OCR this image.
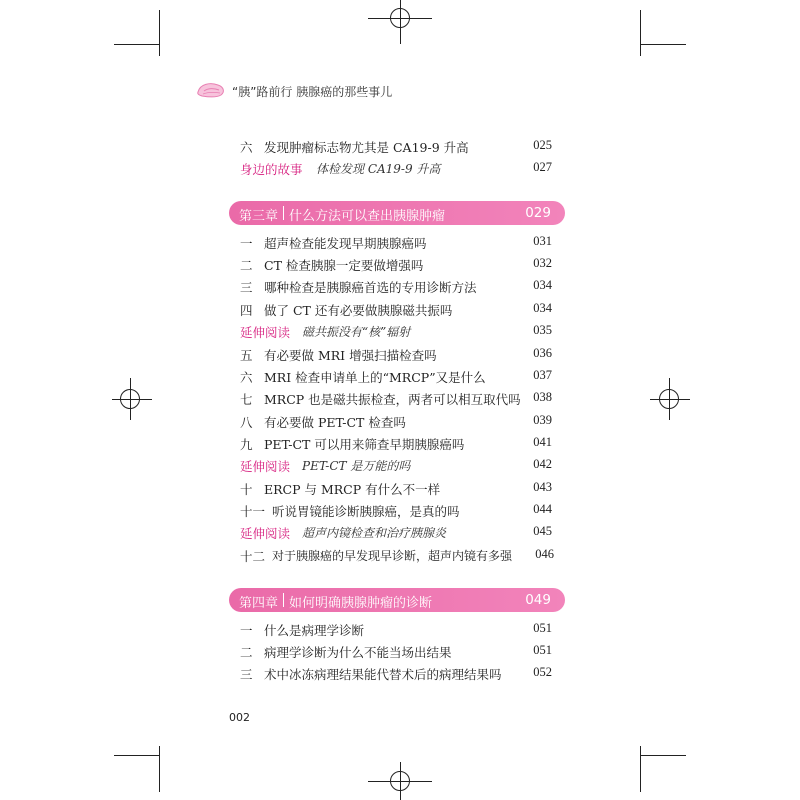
“胰”路前行 胰腺癌的那些事儿
六 发现肿瘤标志物尤其是 CA19-9 升高	025
身边的故事 体检发现 CA19-9 升高	027
第三章 什么方法可以查出胰腺肿瘤	029
一 超声检查能发现早期胰腺癌吗	031
二 CT 检查胰腺一定要做增强吗	032
三 哪种检查是胰腺癌首选的专用诊断方法	034
四 做了 CT 还有必要做胰腺磁共振吗	034
延伸阅读 磁共振没有“核”辐射	035
五 有必要做 MRI 增强扫描检查吗	036
六 MRI 检查申请单上的“MRCP”又是什么	037
七 MRCP 也是磁共振检查，两者可以相互取代吗 038
八 有必要做 PET-CT 检查吗	039
九 PET-CT 可以用来筛查早期胰腺癌吗	041
延伸阅读 PET-CT 是万能的吗	042
十 ERCP 与 MRCP 有什么不一样	043
十一 听说胃镜能诊断胰腺癌，是真的吗	044
延伸阅读 超声内镜检查和治疗胰腺炎	045
十二 对于胰腺癌的早发现早诊断，超声内镜有多强 046
第四章 如何明确胰腺肿瘤的诊断	049
一 什么是病理学诊断	051
二 病理学诊断为什么不能当场出结果	051
三 术中冰冻病理结果能代替术后的病理结果吗	052
002
